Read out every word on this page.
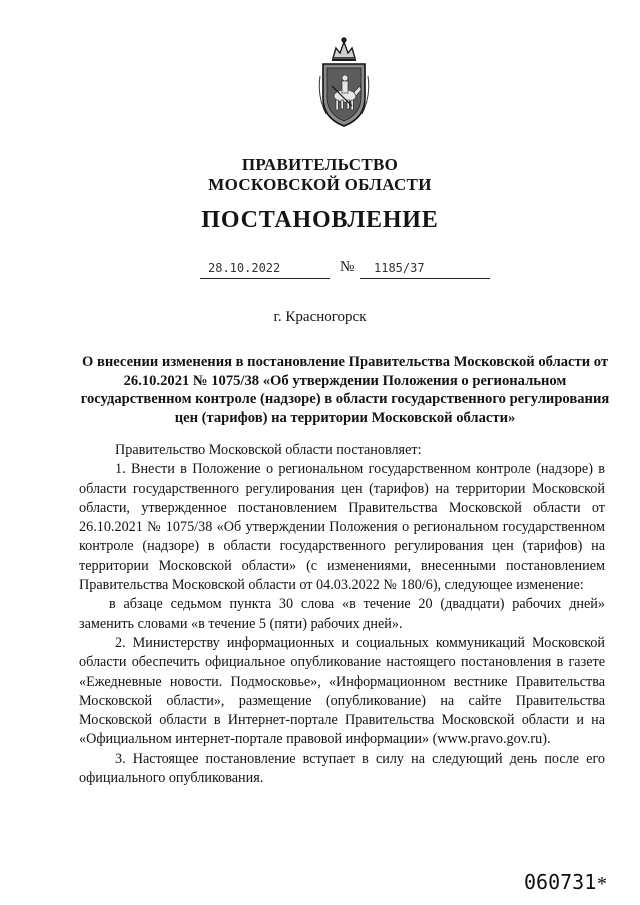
ПРАВИТЕЛЬСТВО
МОСКОВСКОЙ ОБЛАСТИ
ПОСТАНОВЛЕНИЕ
28.10.2022	№ 1185/37
г. Красногорск
О внесении изменения в постановление Правительства Московской области от 26.10.2021 № 1075/38 «Об утверждении Положения о региональном государственном контроле (надзоре) в области государственного регулирования цен (тарифов) на территории Московской области»

Правительство Московской области постановляет:

1. Внести в Положение о региональном государственном контроле (надзоре) в области государственного регулирования цен (тарифов) на территории Московской области, утвержденное постановлением Правительства Московской области от 26.10.2021 № 1075/38 «Об утверждении Положения о региональном государственном контроле (надзоре) в области государственного регулирования цен (тарифов) на территории Московской области» (с изменениями, внесенными постановлением Правительства Московской области от 04.03.2022 № 180/6), следующее изменение:

в абзаце седьмом пункта 30 слова «в течение 20 (двадцати) рабочих дней» заменить словами «в течение 5 (пяти) рабочих дней».

2. Министерству информационных и социальных коммуникаций Московской области обеспечить официальное опубликование настоящего постановления в газете «Ежедневные новости. Подмосковье», «Информационном вестнике Правительства Московской области», размещение (опубликование) на сайте Правительства Московской области в Интернет-портале Правительства Московской области и на «Официальном интернет-портале правовой информации» (www.pravo.gov.ru).

3. Настоящее постановление вступает в силу на следующий день после его официального опубликования.

060731 *
